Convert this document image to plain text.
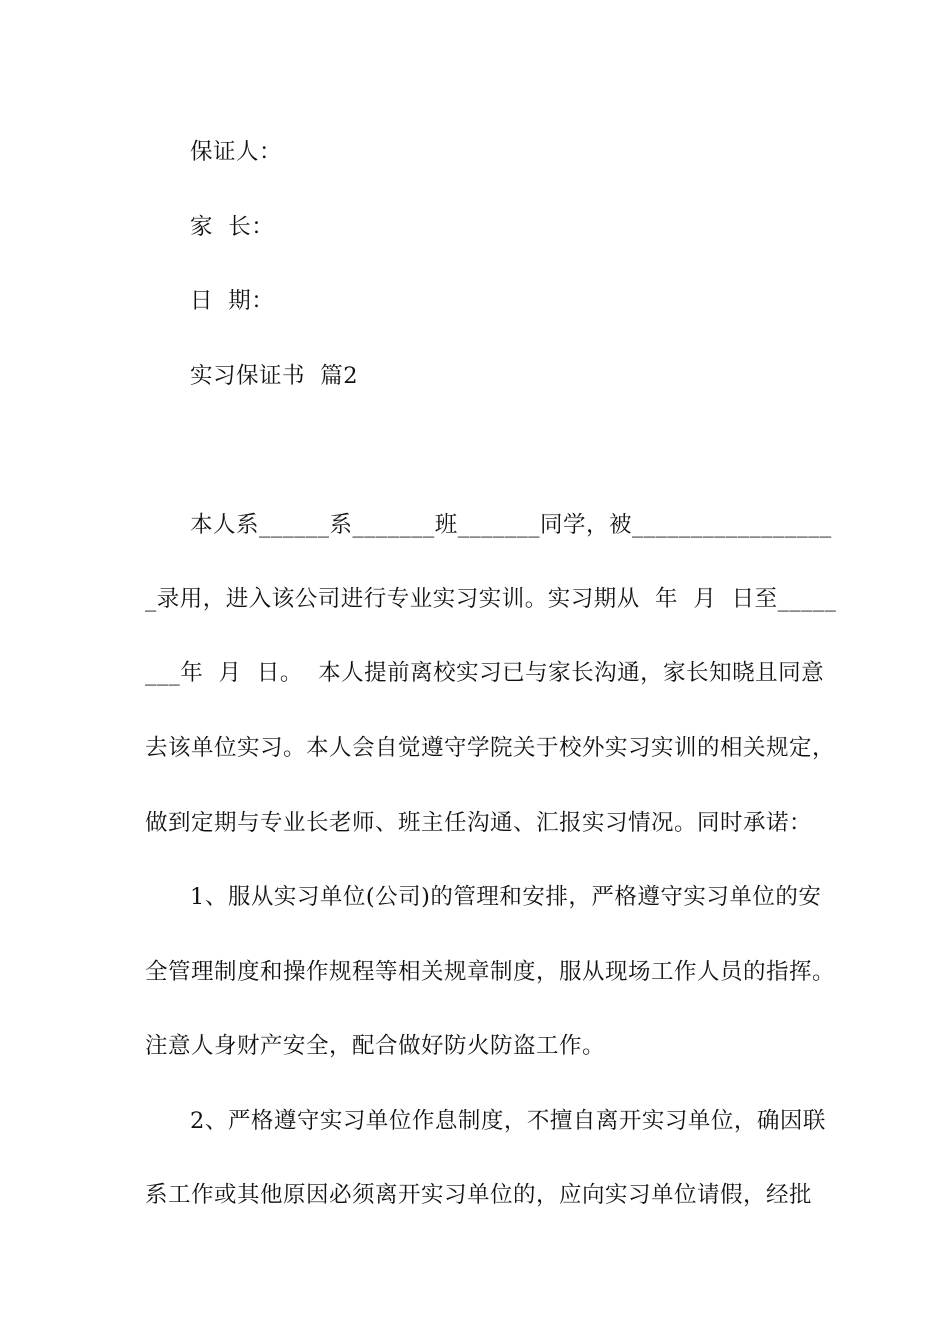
保证人：
家  长：
日  期：
实习保证书  篇2
本人系______系_______班_______同学，被_________________
_录用，进入该公司进行专业实习实训。实习期从  年  月  日至_____
___年  月  日。  本人提前离校实习已与家长沟通，家长知晓且同意
去该单位实习。本人会自觉遵守学院关于校外实习实训的相关规定，
做到定期与专业长老师、班主任沟通、汇报实习情况。同时承诺：
1、服从实习单位(公司)的管理和安排，严格遵守实习单位的安
全管理制度和操作规程等相关规章制度，服从现场工作人员的指挥。
注意人身财产安全，配合做好防火防盗工作。
2、严格遵守实习单位作息制度，不擅自离开实习单位，确因联
系工作或其他原因必须离开实习单位的，应向实习单位请假，经批
